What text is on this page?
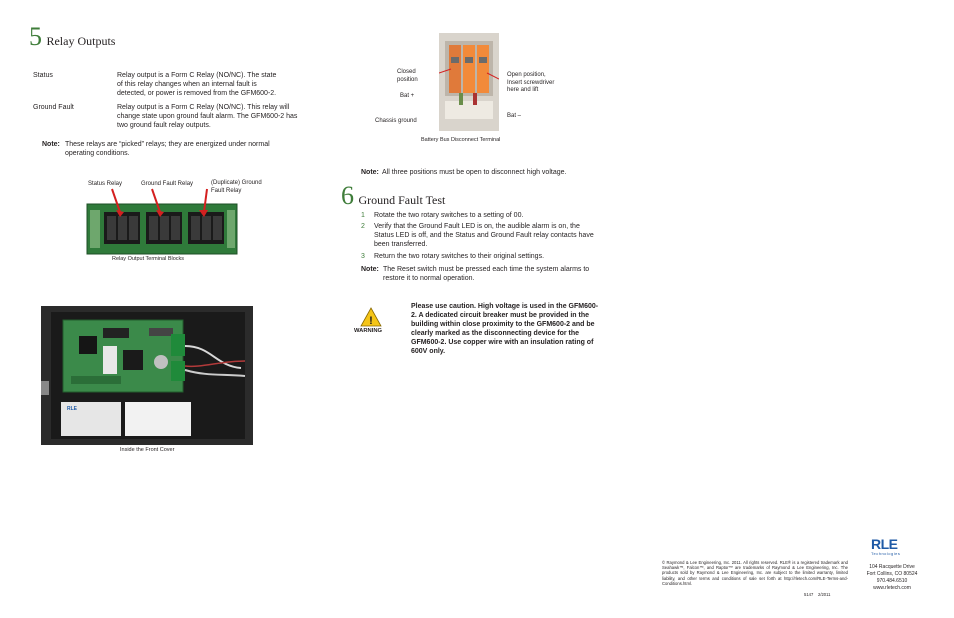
5 Relay Outputs
Status	Relay output is a Form C Relay (NO/NC). The state of this relay changes when an internal fault is detected, or power is removed from the GFM600-2.
Ground Fault	Relay output is a Form C Relay (NO/NC). This relay will change state upon ground fault alarm. The GFM600-2 has two ground fault relay outputs.
Note: These relays are “picked” relays; they are energized under normal operating conditions.
Status Relay	Ground Fault Relay	(Duplicate) Ground Fault Relay
Relay Output Terminal Blocks
RLE
Inside the Front Cover
Closed position
Open position, Insert screwdriver here and lift
Bat +
Bat –
Chassis ground
Battery Bus Disconnect Terminal
Note: All three positions must be open to disconnect high voltage.
6 Ground Fault Test
1 Rotate the two rotary switches to a setting of 00.
2 Verify that the Ground Fault LED is on, the audible alarm is on, the Status LED is off, and the Status and Ground Fault relay contacts have been transferred.
3 Return the two rotary switches to their original settings.
Note: The Reset switch must be pressed each time the system alarms to restore it to normal operation.
!
WARNING
Please use caution. High voltage is used in the GFM600-2. A dedicated circuit breaker must be provided in the building within close proximity to the GFM600-2 and be clearly marked as the disconnecting device for the GFM600-2. Use copper wire with an insulation rating of 600V only.
© Raymond & Lee Engineering, Inc. 2011. All rights reserved. RLE® is a registered trademark and Seahawk™, Falcon™, and Raptor™ are trademarks of Raymond & Lee Engineering, Inc. The products sold by Raymond & Lee Engineering, Inc. are subject to the limited warranty, limited liability, and other terms and conditions of sale set forth at http://rletech.com/RLE-Terms-and-Conditions.html.
5147 2/2011
RLE
Technologies
104 Racquette Drive
Fort Collins, CO 80524
970.484.6510
www.rletech.com
